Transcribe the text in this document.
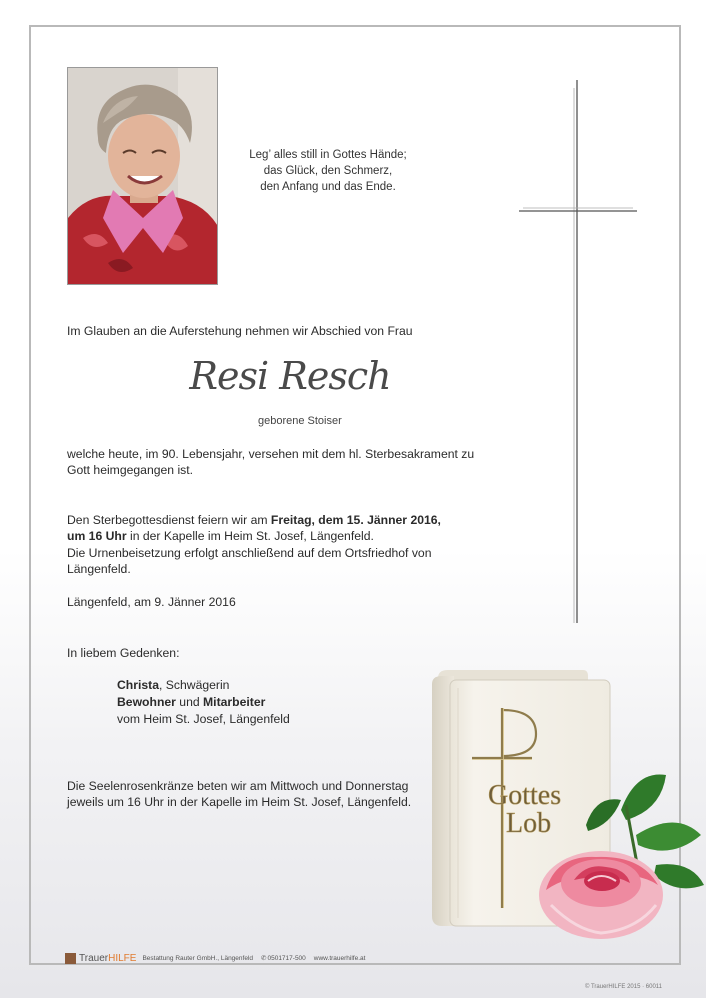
Leg’ alles still in Gottes Hände;
das Glück, den Schmerz,
den Anfang und das Ende.
Im Glauben an die Auferstehung nehmen wir Abschied von Frau
Resi Resch
geborene Stoiser
welche heute, im 90. Lebensjahr, versehen mit dem hl. Sterbesakrament zu Gott heimgegangen ist.
Den Sterbegottesdienst feiern wir am Freitag, dem 15. Jänner 2016,
um 16 Uhr in der Kapelle im Heim St. Josef, Längenfeld.
Die Urnenbeisetzung erfolgt anschließend auf dem Ortsfriedhof von Längenfeld.
Längenfeld, am 9. Jänner 2016
In liebem Gedenken:
Christa, Schwägerin
Bewohner und Mitarbeiter
vom Heim St. Josef, Längenfeld
Die Seelenrosenkränze beten wir am Mittwoch und Donnerstag jeweils um 16 Uhr in der Kapelle im Heim St. Josef, Längenfeld.	Gottes
Lob
TrauerHILFE Bestattung Rauter GmbH., Längenfeld ✆ 0501717-500 www.trauerhilfe.at
© TrauerHILFE 2015 · 60011
